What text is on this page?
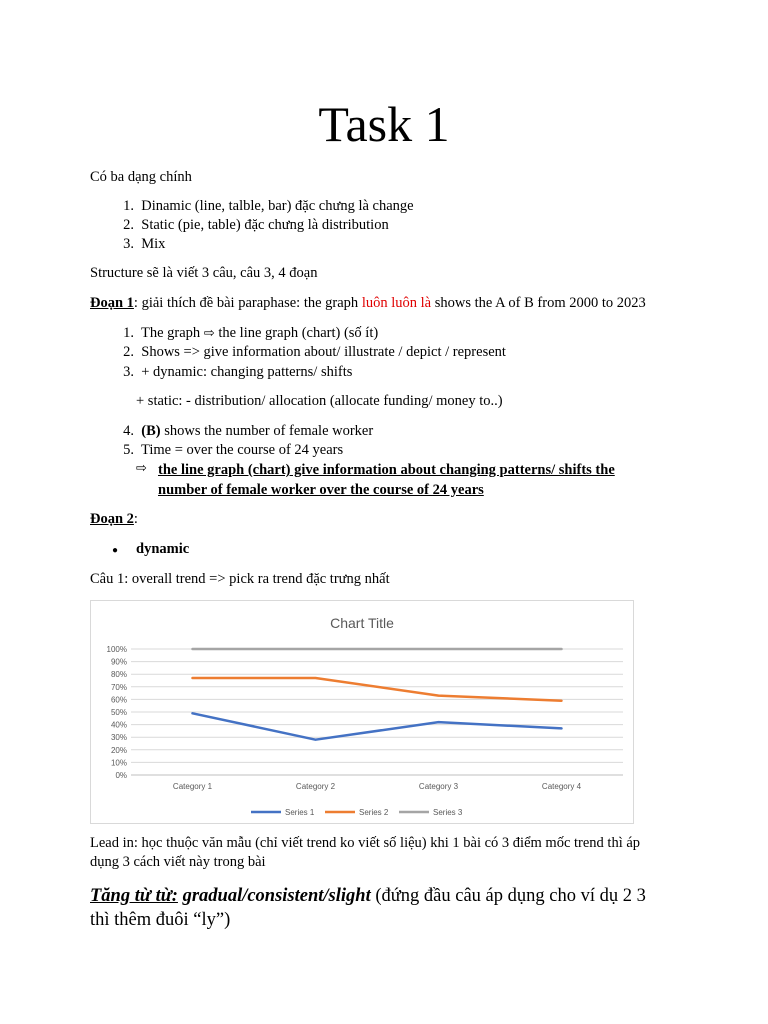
Task 1
Có ba dạng chính
1. Dinamic (line, talble, bar) đặc chưng là change
2. Static (pie, table) đặc chưng là distribution
3. Mix
Structure sẽ là viết 3 câu, câu 3, 4 đoạn
Đoạn 1: giải thích đề bài paraphase: the graph luôn luôn là shows the A of B from 2000 to 2023
1. The graph ⇨ the line graph (chart) (số ít)
2. Shows => give information about/ illustrate / depict / represent
3. + dynamic: changing patterns/ shifts
+ static: - distribution/ allocation (allocate funding/ money to..)
4. (B) shows the number of female worker
5. Time = over the course of 24 years
⇨ the line graph (chart) give information about changing patterns/ shifts the
number of female worker over the course of 24 years
Đoạn 2:
● dynamic
Câu 1: overall trend => pick ra trend đặc trưng nhất
Chart Title
0%
10%
20%
30%
40%
50%
60%
70%
80%
90%
100%
Category 1	Category 2	Category 3	Category 4
Series 1	Series 2	Series 3
Lead in: học thuộc văn mẫu (chỉ viết trend ko viết số liệu) khi 1 bài có 3 điểm mốc trend thì áp
dụng 3 cách viết này trong bài
Tăng từ từ: gradual/consistent/slight (đứng đầu câu áp dụng cho ví dụ 2 3
thì thêm đuôi “ly”)
